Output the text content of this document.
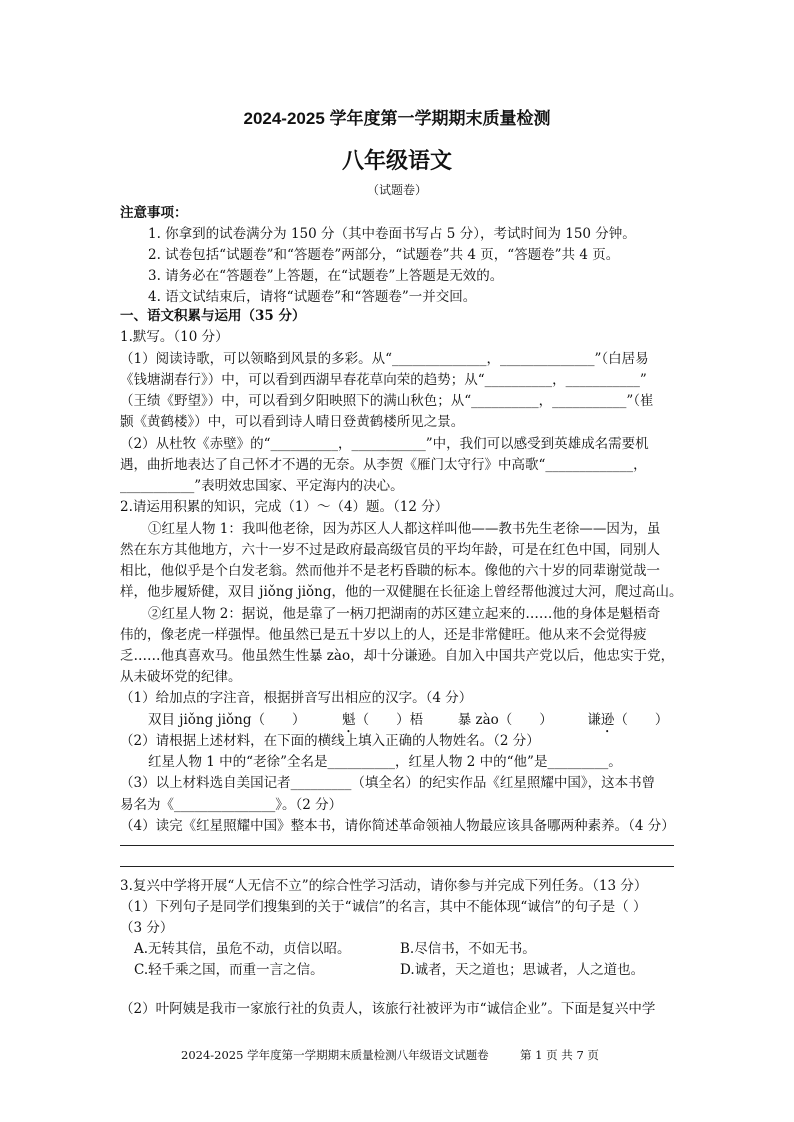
2024-2025 学年度第一学期期末质量检测
八年级语文
（试题卷）
注意事项：
1. 你拿到的试卷满分为 150 分（其中卷面书写占 5 分），考试时间为 150 分钟。
2. 试卷包括“试题卷”和“答题卷”两部分，“试题卷”共 4 页，“答题卷”共 4 页。
3. 请务必在“答题卷”上答题，在“试题卷”上答题是无效的。
4. 语文试结束后，请将“试题卷”和“答题卷”一并交回。
一、语文积累与运用（35 分）
1.默写。（10 分）
（1）阅读诗歌，可以领略到风景的多彩。从“______________，______________”（白居易
《钱塘湖春行》）中，可以看到西湖早春花草向荣的趋势；从“__________，___________”
（王绩《野望》）中，可以看到夕阳映照下的满山秋色；从“__________，___________”（崔
颢《黄鹤楼》）中，可以看到诗人晴日登黄鹤楼所见之景。
（2）从杜牧《赤壁》的“__________，___________”中，我们可以感受到英雄成名需要机
遇，曲折地表达了自己怀才不遇的无奈。从李贺《雁门太守行》中高歌“_____________，
___________”表明效忠国家、平定海内的决心。
2.请运用积累的知识，完成（1）～（4）题。（12 分）
①红星人物 1：我叫他老徐，因为苏区人人都这样叫他——教书先生老徐——因为，虽
然在东方其他地方，六十一岁不过是政府最高级官员的平均年龄，可是在红色中国，同别人
相比，他似乎是个白发老翁。然而他并不是老朽昏聩的标本。像他的六十岁的同辈谢觉哉一
样，他步履矫健，双目 jiǒng jiǒng，他的一双健腿在长征途上曾经帮他渡过大河，爬过高山。
②红星人物 2：据说，他是靠了一柄刀把湖南的苏区建立起来的……他的身体是魁梧奇
伟的，像老虎一样强悍。他虽然已是五十岁以上的人，还是非常健旺。他从来不会觉得疲
乏……他真喜欢马。他虽然生性暴 zào，却十分谦逊。自加入中国共产党以后，他忠实于党，
从未破坏党的纪律。
（1）给加点的字注音，根据拼音写出相应的汉字。（4 分）
双目 jiǒng jiǒng（　　）	魁（　　）梧	暴 zào（　　）	谦逊（　　）
（2）请根据上述材料，在下面的横线上填入正确的人物姓名。（2 分）
红星人物 1 中的“老徐”全名是__________，红星人物 2 中的“他”是_________。
（3）以上材料选自美国记者_________（填全名）的纪实作品《红星照耀中国》，这本书曾
易名为《_______________》。（2 分）
（4）读完《红星照耀中国》整本书，请你简述革命领袖人物最应该具备哪两种素养。（4 分）
3.复兴中学将开展“人无信不立”的综合性学习活动，请你参与并完成下列任务。（13 分）
（1）下列句子是同学们搜集到的关于“诚信”的名言，其中不能体现“诚信”的句子是（ ）
（3 分）
A.无转其信，虽危不动，贞信以昭。	B.尽信书，不如无书。
C.轻千乘之国，而重一言之信。	D.诚者，天之道也；思诚者，人之道也。
（2）叶阿姨是我市一家旅行社的负责人，该旅行社被评为市“诚信企业”。下面是复兴中学
2024-2025 学年度第一学期期末质量检测八年级语文试题卷	第 1 页 共 7 页
